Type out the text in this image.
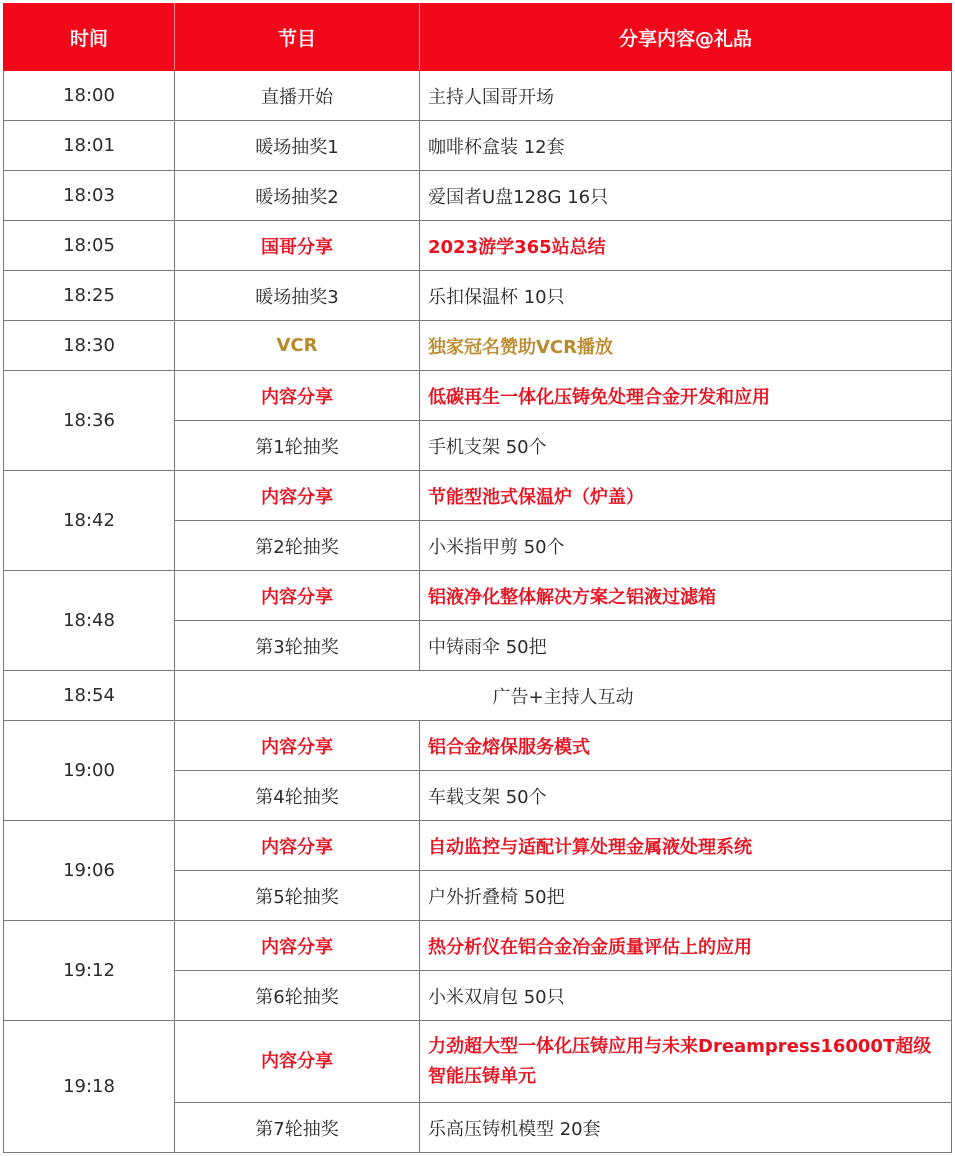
时间	节目	分享内容@礼品
18:00	直播开始	主持人国哥开场
18:01	暖场抽奖1	咖啡杯盒装 12套
18:03	暖场抽奖2	爱国者U盘128G 16只
18:05	国哥分享	2023游学365站总结
18:25	暖场抽奖3	乐扣保温杯 10只
18:30	VCR	独家冠名赞助VCR播放
18:36	内容分享	低碳再生一体化压铸免处理合金开发和应用
	第1轮抽奖	手机支架 50个
18:42	内容分享	节能型池式保温炉（炉盖）
	第2轮抽奖	小米指甲剪 50个
18:48	内容分享	铝液净化整体解决方案之铝液过滤箱
	第3轮抽奖	中铸雨伞 50把
18:54	广告+主持人互动	
19:00	内容分享	铝合金熔保服务模式
	第4轮抽奖	车载支架 50个
19:06	内容分享	自动监控与适配计算处理金属液处理系统
	第5轮抽奖	户外折叠椅 50把
19:12	内容分享	热分析仪在铝合金冶金质量评估上的应用
	第6轮抽奖	小米双肩包 50只
19:18	内容分享	力劲超大型一体化压铸应用与未来Dreampress16000T超级智能压铸单元
	第7轮抽奖	乐高压铸机模型 20套
